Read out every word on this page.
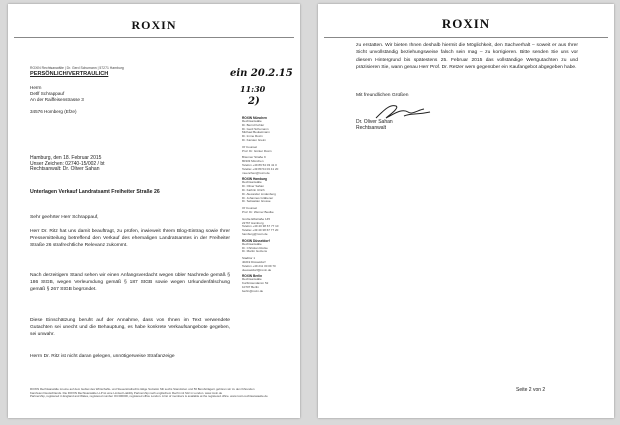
ROXIN
ROXIN Rechtsanwälte | Dr. Gerd Schumann | 57271 Hamburg
PERSÖNLICH/VERTRAULICH
Herrn
Detlf Schrappauf
An der Raiffeisenstrasse 3
34576 Homberg (Efze)
ein 20.2.15
11:30
2)
Hamburg, den 18. Februar 2015
Unser Zeichen: 02740-15/002 / bt
Rechtsanwalt: Dr. Oliver Sahan
Unterlagen Verkauf Landratsamt Freiheiter Straße 26
Sehr geehrter Herr Schrappauf,
Herr Dr. Ritz hat uns damit beauftragt, zu prüfen, inwieweit Ihrem Blog-Eintrag sowie Ihrer Pressemitteilung betreffend den Verkauf des ehemaligen Landratsamtes in der Freiheiter Straße 26 strafrechtliche Relevanz zukommt.
Nach derzeitigem Stand sehen wir einen Anfangsverdacht wegen übler Nachrede gemäß § 186 StGB, wegen Verleumdung gemäß § 187 StGB sowie wegen Urkundenfälschung gemäß § 267 StGB begründet.
Diese Einschätzung beruht auf der Annahme, dass von Ihnen im Text verwendete Gutachten sei unecht und die Behauptung, es habe konkrete Verkaufsangebote gegeben, sei unwahr.
Herrn Dr. Ritz ist nicht daran gelegen, unnötigerweise Strafanzeige
ROXIN München
Rechtsanwälte
Dr. Bernd Kohler
Dr. Gerd Schumann
Michael Beukelmann
Dr. Imme Roxin
Dr. Karsten Greim
Of Counsel
Prof. Dr. Günter Roxin
Brienner Straße 9
80333 München
Telefon +49 89 54 03 41 0
Telefax +49 89 54 03 41 20
muenchen@roxin.de
ROXIN Hamburg
Rechtsanwälte
Dr. Oliver Sahan
Dr. Kathrin Ulrich
Dr. Alexander Lindenberg
Dr. Johannes Gräbener
Dr. Sebastian Grosse
Of Counsel
Prof. Dr. Werner Beulke
Große Elbstraße 145
22767 Hamburg
Telefon +49 40 38 67 77 10
Telefax +49 40 38 67 77 20
hamburg@roxin.de
ROXIN Düsseldorf
Rechtsanwälte
Dr. Christian Rocke
Dr. Martin Gotzens
Stadttor 1
40219 Düsseldorf
Telefon +49 211 30 09 70
duesseldorf@roxin.de
ROXIN Berlin
Rechtsanwälte
Kurfürstendamm 52
10707 Berlin
berlin@roxin.de
ROXIN Rechtsanwälte ist eine auf dem Gebiet des Wirtschafts- und Steuerstrafrechts tätige Sozietät. Mit sechs Standorten und 56 Berufsträgern gehören wir zu den führenden
Kanzleien Deutschlands. Die ROXIN Rechtsanwälte LLP ist eine Limited Liability Partnership nach englischem Recht mit Sitz in London. www.roxin.de
Partnership, registered in England and Wales, registered number OC300000, registered office London. A list of members is available at the registered office. www.roxin-rechtsanwaelte.de
ROXIN
zu erstatten. Wir bieten Ihnen deshalb hiermit die Möglichkeit, den Sachverhalt – soweit er aus Ihrer Sicht unvollständig beziehungsweise falsch sein mag – zu korrigieren. Bitte senden Sie uns vor diesem Hintergrund bis spätestens 25. Februar 2015 das vollständige Wertgutachten zu und präzisieren Sie, wann genau Herr Prof. Dr. Retzer wem gegenüber ein Kaufangebot abgegeben habe.
Mit freundlichen Grüßen
Dr. Oliver Sahan
Rechtsanwalt
Seite 2 von 2
